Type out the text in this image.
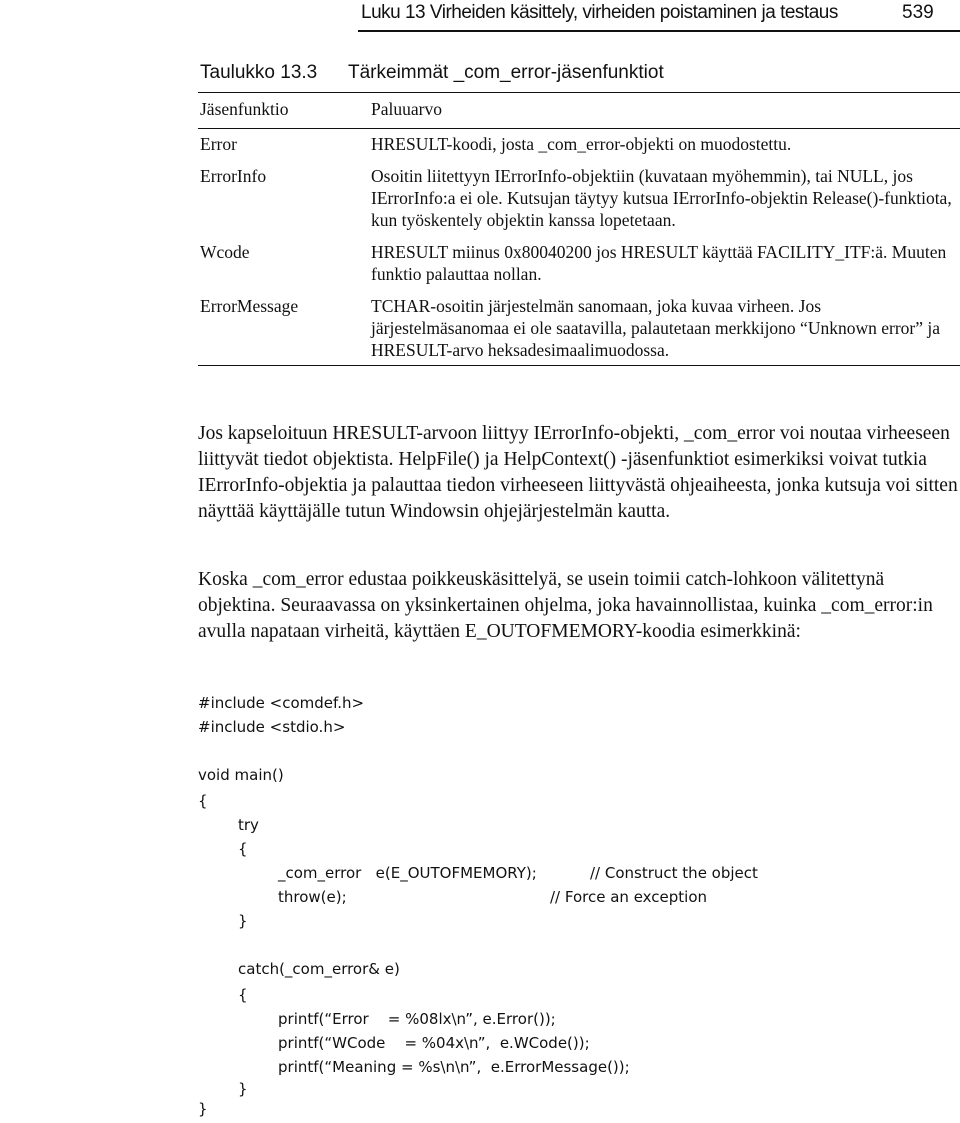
Luku 13 Virheiden käsittely, virheiden poistaminen ja testaus	539
Taulukko 13.3 Tärkeimmät _com_error-jäsenfunktiot
Jäsenfunktio	Paluuarvo
Error	HRESULT-koodi, josta _com_error-objekti on muodostettu.
ErrorInfo	Osoitin liitettyyn IErrorInfo-objektiin (kuvataan myöhemmin), tai NULL, jos IErrorInfo:a ei ole. Kutsujan täytyy kutsua IErrorInfo-objektin Release()-funktiota, kun työskentely objektin kanssa lopetetaan.
Wcode	HRESULT miinus 0x80040200 jos HRESULT käyttää FACILITY_ITF:ä. Muuten funktio palauttaa nollan.
ErrorMessage	TCHAR-osoitin järjestelmän sanomaan, joka kuvaa virheen. Jos järjestelmäsanomaa ei ole saatavilla, palautetaan merkkijono “Unknown error” ja HRESULT-arvo heksadesimaalimuodossa.
Jos kapseloituun HRESULT-arvoon liittyy IErrorInfo-objekti, _com_error voi noutaa virheeseen liittyvät tiedot objektista. HelpFile() ja HelpContext() -jäsenfunktiot esimerkiksi voivat tutkia IErrorInfo-objektia ja palauttaa tiedon virheeseen liittyvästä ohjeaiheesta, jonka kutsuja voi sitten näyttää käyttäjälle tutun Windowsin ohjejärjestelmän kautta.
Koska _com_error edustaa poikkeuskäsittelyä, se usein toimii catch-lohkoon välitettynä objektina. Seuraavassa on yksinkertainen ohjelma, joka havainnollistaa, kuinka _com_error:in avulla napataan virheitä, käyttäen E_OUTOFMEMORY-koodia esimerkkinä:
#include <comdef.h>
#include <stdio.h>
void main()
{
try
{
_com_error   e(E_OUTOFMEMORY);	// Construct the object
throw(e);	// Force an exception
}
catch(_com_error& e)
{
printf(“Error    = %08lx\n”, e.Error());
printf(“WCode    = %04x\n”,  e.WCode());
printf(“Meaning = %s\n\n”,  e.ErrorMessage());
}
}
